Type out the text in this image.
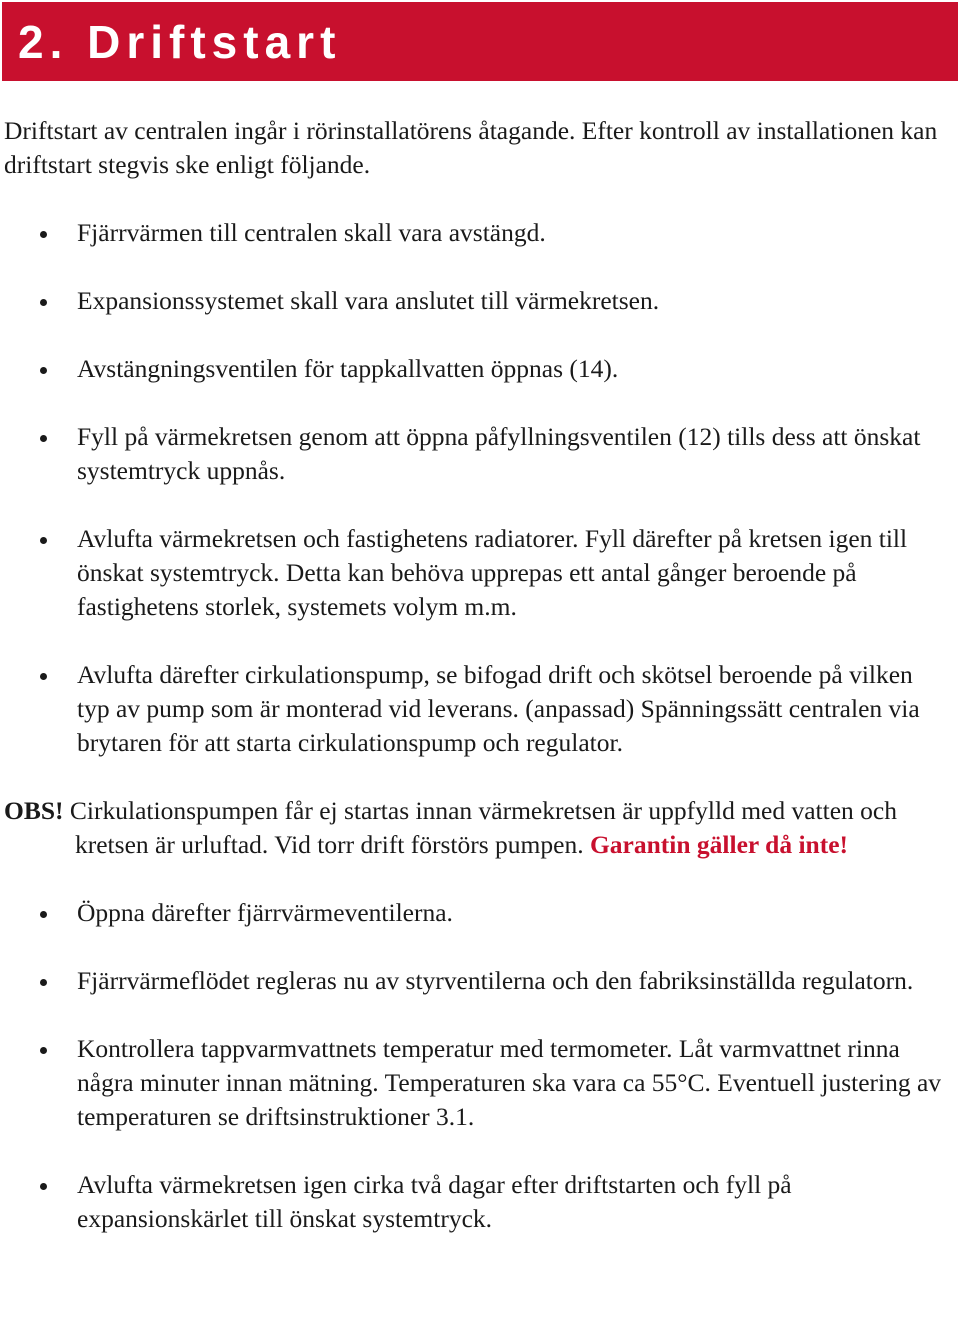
2. Driftstart

Driftstart av centralen ingår i rörinstallatörens åtagande. Efter kontroll av installationen kan driftstart stegvis ske enligt följande.

Fjärrvärmen till centralen skall vara avstängd.
Expansionssystemet skall vara anslutet till värmekretsen.
Avstängningsventilen för tappkallvatten öppnas (14).
Fyll på värmekretsen genom att öppna påfyllningsventilen (12) tills dess att önskat systemtryck uppnås.
Avlufta värmekretsen och fastighetens radiatorer. Fyll därefter på kretsen igen till önskat systemtryck. Detta kan behöva upprepas ett antal gånger beroende på fastighetens storlek, systemets volym m.m.
Avlufta därefter cirkulationspump, se bifogad drift och skötsel beroende på vilken typ av pump som är monterad vid leverans. (anpassad) Spänningssätt centralen via brytaren för att starta cirkulationspump och regulator.

OBS! Cirkulationspumpen får ej startas innan värmekretsen är uppfylld med vatten och kretsen är urluftad. Vid torr drift förstörs pumpen. Garantin gäller då inte!

Öppna därefter fjärrvärmeventilerna.
Fjärrvärmeflödet regleras nu av styrventilerna och den fabriksinställda regulatorn.
Kontrollera tappvarmvattnets temperatur med termometer. Låt varmvattnet rinna några minuter innan mätning. Temperaturen ska vara ca 55°C. Eventuell justering av temperaturen se driftsinstruktioner 3.1.
Avlufta värmekretsen igen cirka två dagar efter driftstarten och fyll på expansionskärlet till önskat systemtryck.
